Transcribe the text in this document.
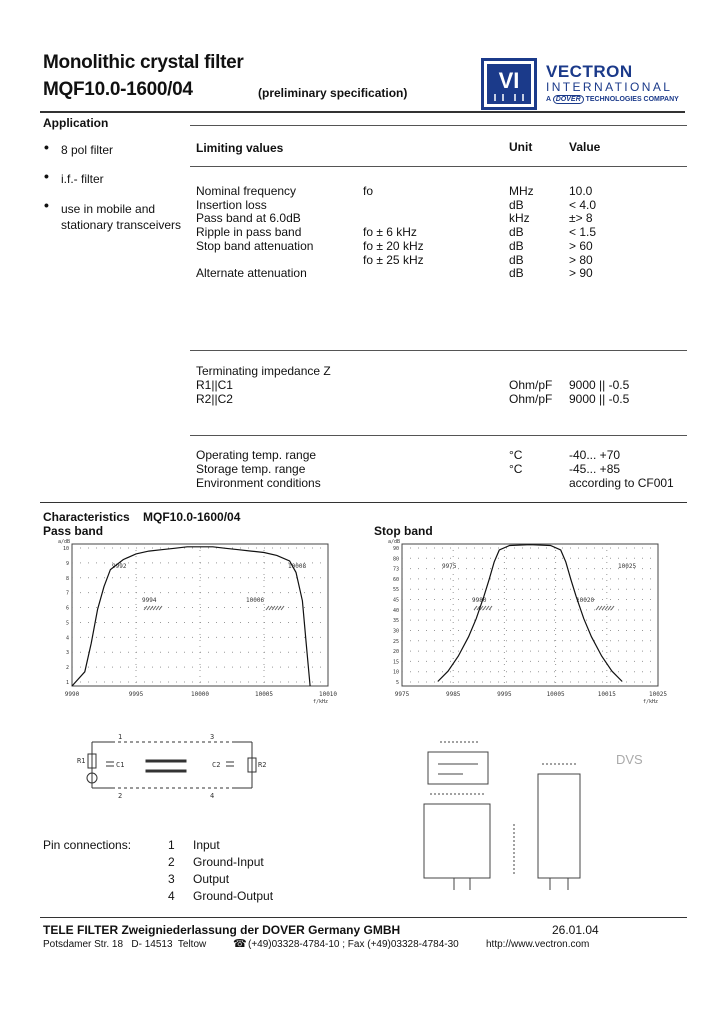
Monolithic crystal filter
MQF10.0-1600/04	(preliminary specification)	VI VECTRON
INTERNATIONAL
A DOVER TECHNOLOGIES COMPANY
Application
• 8 pol filter
• i.f.- filter
• use in mobile and
stationary transceivers
Limiting values	Unit	Value
Nominal frequency	fo	MHz	10.0
Insertion loss	dB	< 4.0
Pass band at 6.0dB	kHz	±> 8
Ripple in pass band	fo ± 6 kHz	dB	< 1.5
Stop band attenuation	fo ± 20 kHz	dB	> 60
fo ± 25 kHz	dB	> 80
Alternate attenuation	dB	> 90
Terminating impedance Z
R1||C1	Ohm/pF 9000 || -0.5
R2||C2	Ohm/pF 9000 || -0.5
Operating temp. range	°C	-40... +70
Storage temp. range	°C	-45... +85
Environment conditions	according to CF001
Characteristics MQF10.0-1600/04
Pass band	Stop band
9990	9995	10000	10005	10010
10
9
8
7
6
5
4
3
2
1
a/dB
f/kHz
9992
9994	10006
10008
9975	9985	9995	10005	10015	10025
90
80
73
60
55
45
40
35
30
25
20
15
10
5
a/dB
f/kHz
9975
9980	10020
10025
1
2
3
4
R1	C1	C2	R2	DVS
Pin connections:	1 Input
2 Ground-Input
3 Output
4 Ground-Output
TELE FILTER Zweigniederlassung der DOVER Germany GMBH	26.01.04
Potsdamer Str. 18   D- 14513  Teltow ☎ (+49)03328-4784-10 ; Fax (+49)03328-4784-30	http://www.vectron.com
